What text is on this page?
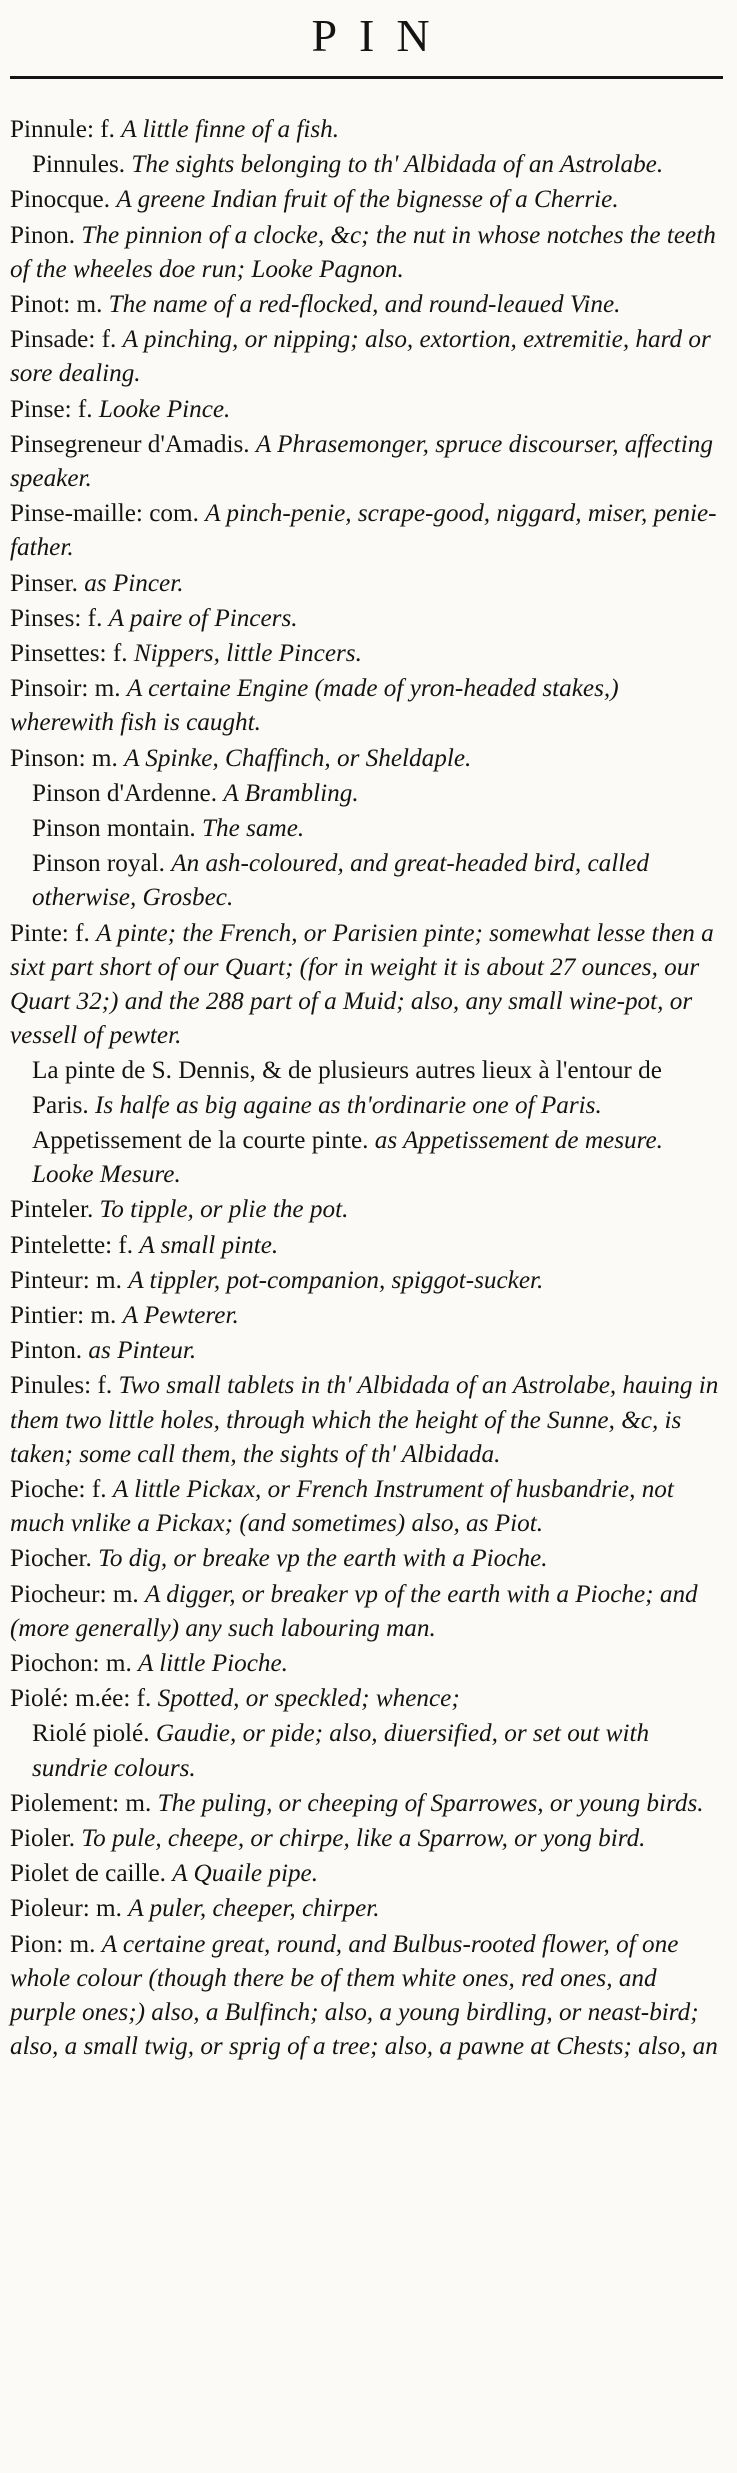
PIN
Pinnule: f. A little finne of a fish.
Pinnules. The sights belonging to th' Albidada of an Astrolabe.
Pinocque. A greene Indian fruit of the bignesse of a Cherrie.
Pinon. The pinnion of a clocke, &c; the nut in whose notches the teeth of the wheeles doe run; Looke Pagnon.
Pinot: m. The name of a red-flocked, and round-leaued Vine.
Pinsade: f. A pinching, or nipping; also, extortion, extremitie, hard or sore dealing.
Pinse: f. Looke Pince.
Pinsegreneur d'Amadis. A Phrasemonger, spruce discourser, affecting speaker.
Pinse-maille: com. A pinch-penie, scrape-good, niggard, miser, penie-father.
Pinser. as Pincer.
Pinses: f. A paire of Pincers.
Pinsettes: f. Nippers, little Pincers.
Pinsoir: m. A certaine Engine (made of yron-headed stakes,) wherewith fish is caught.
Pinson: m. A Spinke, Chaffinch, or Sheldaple.
Pinson d'Ardenne. A Brambling.
Pinson montain. The same.
Pinson royal. An ash-coloured, and great-headed bird, called otherwise, Grosbec.
Pinte: f. A pinte; the French, or Parisien pinte; somewhat lesse then a sixt part short of our Quart; (for in weight it is about 27 ounces, our Quart 32;) and the 288 part of a Muid; also, any small wine-pot, or vessell of pewter.
La pinte de S. Dennis, & de plusieurs autres lieux à l'entour de Paris. Is halfe as big againe as th'ordinarie one of Paris.
Appetissement de la courte pinte. as Appetissement de mesure. Looke Mesure.
Pinteler. To tipple, or plie the pot.
Pintelette: f. A small pinte.
Pinteur: m. A tippler, pot-companion, spiggot-sucker.
Pintier: m. A Pewterer.
Pinton. as Pinteur.
Pinules: f. Two small tablets in th' Albidada of an Astrolabe, hauing in them two little holes, through which the height of the Sunne, &c, is taken; some call them, the sights of th' Albidada.
Pioche: f. A little Pickax, or French Instrument of husbandrie, not much vnlike a Pickax; (and sometimes) also, as Piot.
Piocher. To dig, or breake vp the earth with a Pioche.
Piocheur: m. A digger, or breaker vp of the earth with a Pioche; and (more generally) any such labouring man.
Piochon: m. A little Pioche.
Piolé: m.ée: f. Spotted, or speckled; whence;
Riolé piolé. Gaudie, or pide; also, diuersified, or set out with sundrie colours.
Piolement: m. The puling, or cheeping of Sparrowes, or young birds.
Pioler. To pule, cheepe, or chirpe, like a Sparrow, or yong bird.
Piolet de caille. A Quaile pipe.
Pioleur: m. A puler, cheeper, chirper.
Pion: m. A certaine great, round, and Bulbus-rooted flower, of one whole colour (though there be of them white ones, red ones, and purple ones;) also, a Bulfinch; also, a young birdling, or neast-bird; also, a small twig, or sprig of a tree; also, a pawne at Chests; also, an
